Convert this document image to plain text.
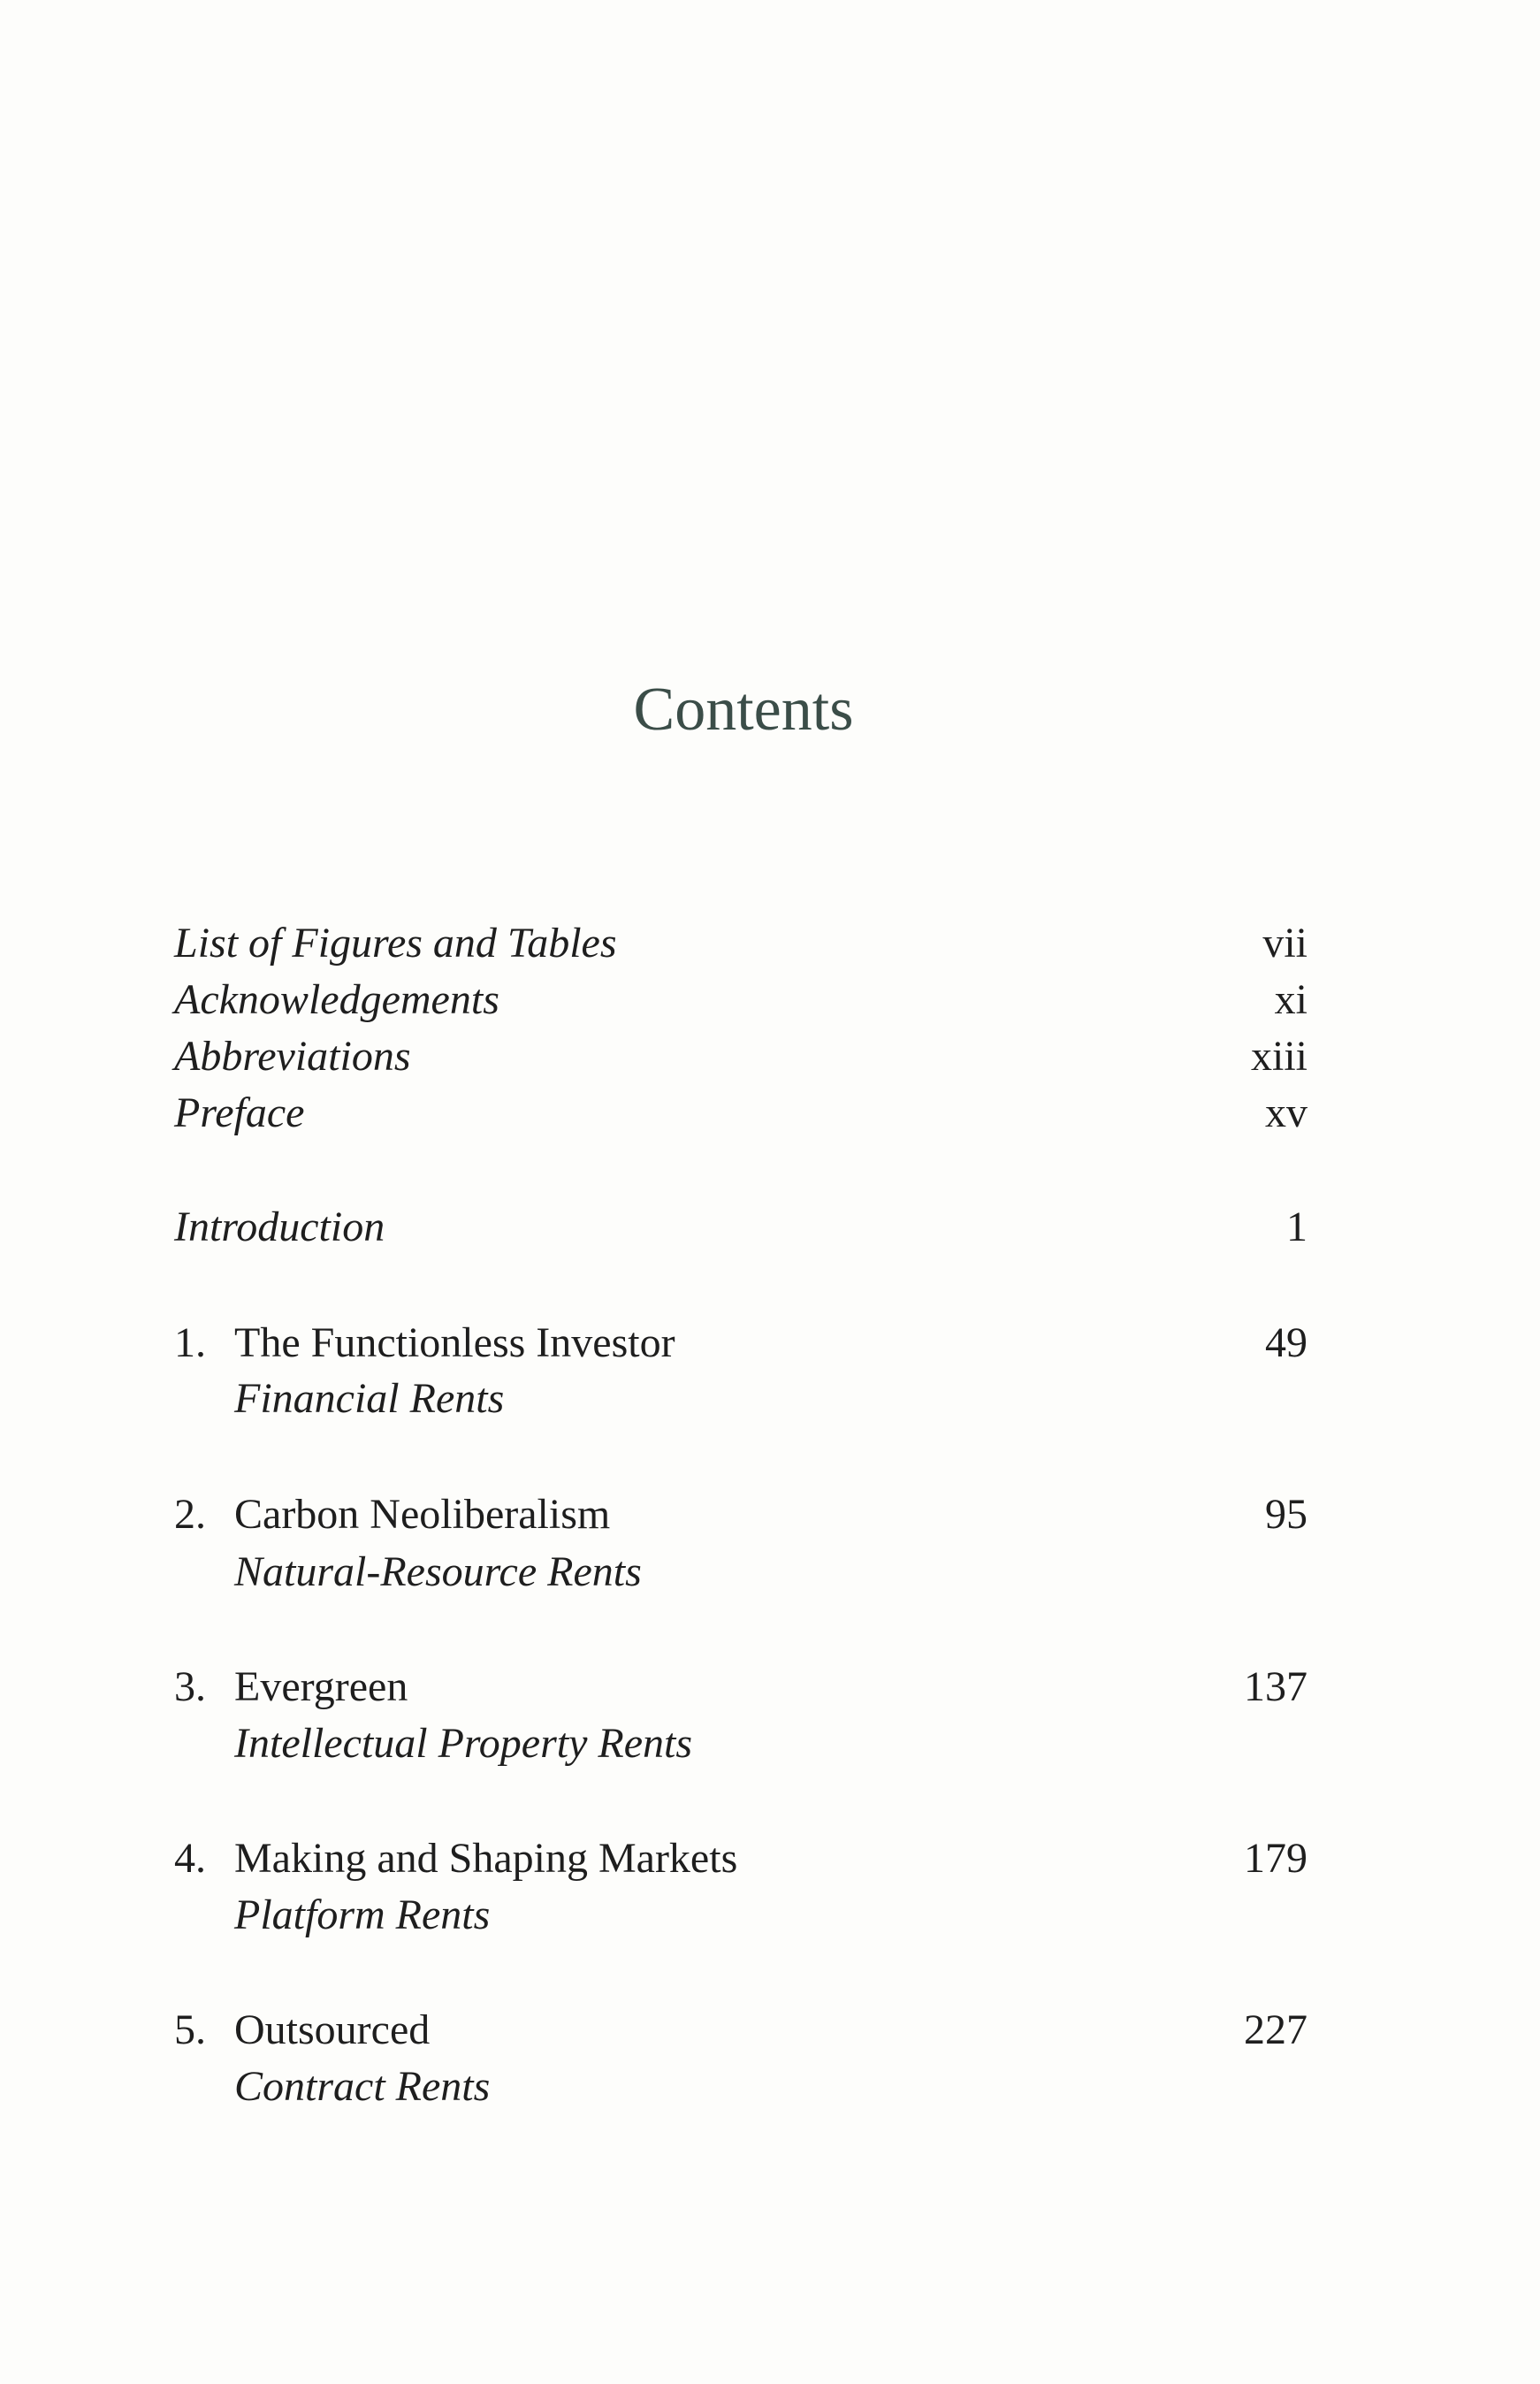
Contents
List of Figures and Tables	vii
Acknowledgements	xi
Abbreviations	xiii
Preface	xv
Introduction	1
1. The Functionless Investor	49
Financial Rents
2. Carbon Neoliberalism	95
Natural-Resource Rents
3. Evergreen	137
Intellectual Property Rents
4. Making and Shaping Markets	179
Platform Rents
5. Outsourced	227
Contract Rents
